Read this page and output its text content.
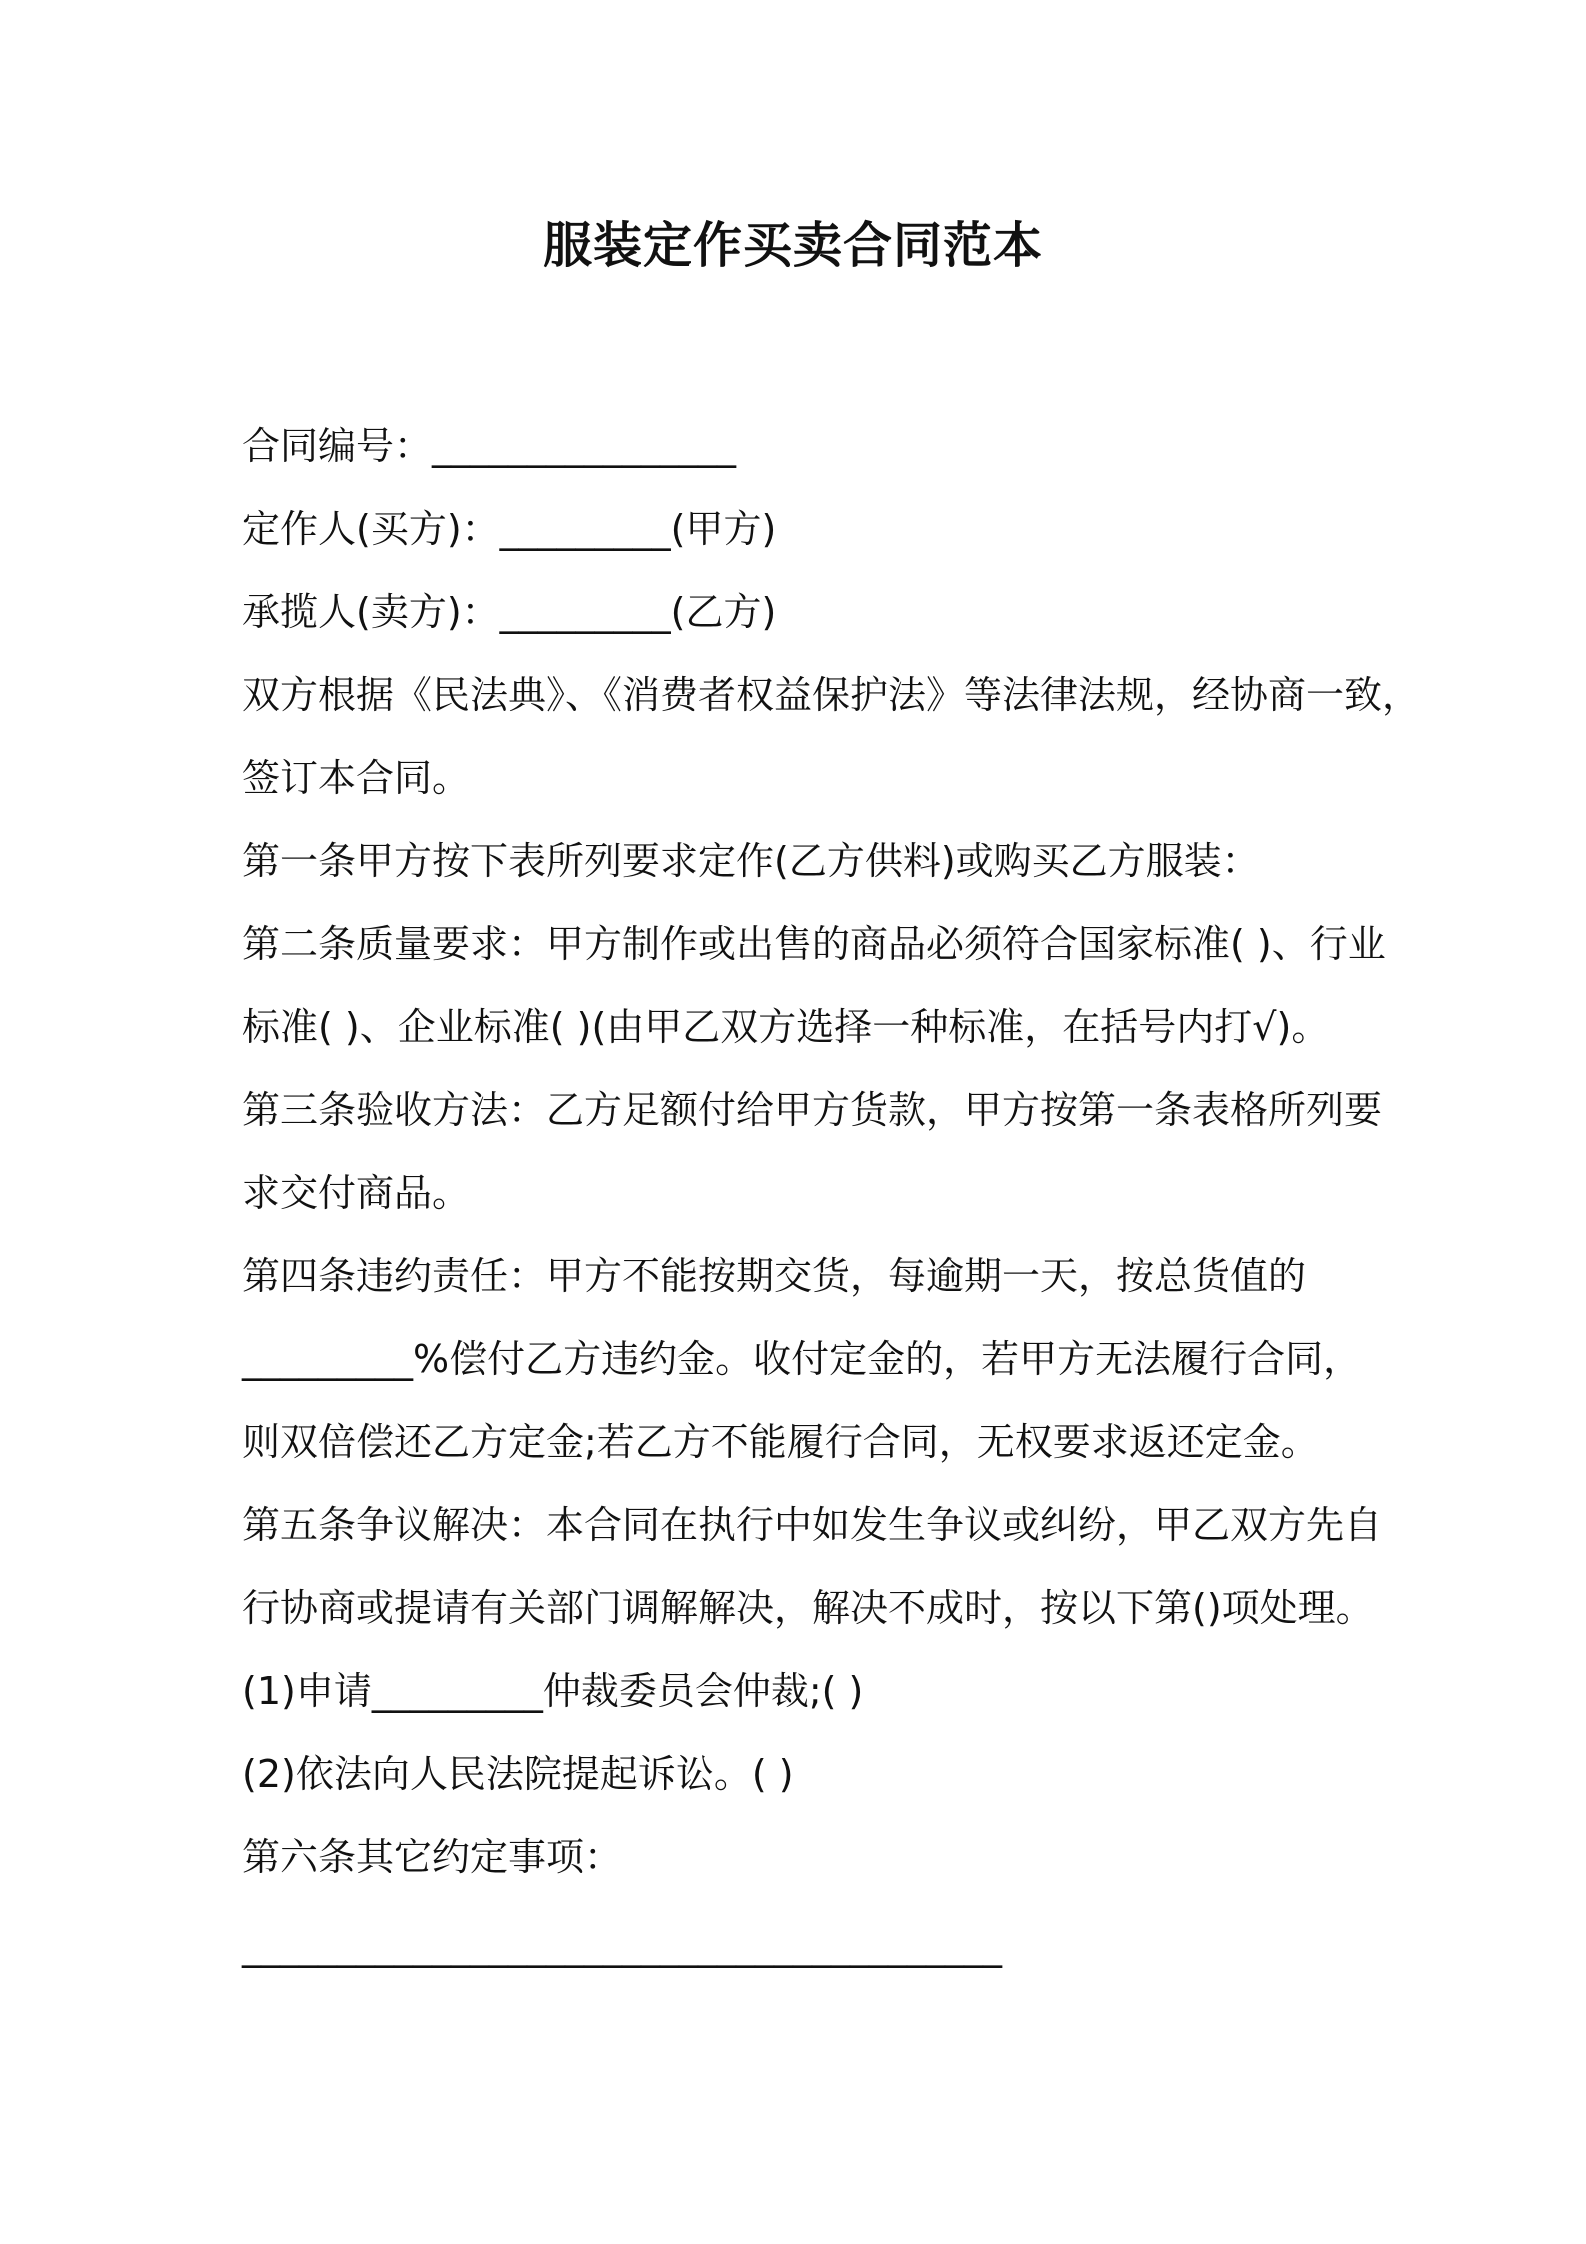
服装定作买卖合同范本
合同编号：________________
定作人(买方)：_________(甲方)
承揽人(卖方)：_________(乙方)
双方根据《民法典》、《消费者权益保护法》等法律法规，经协商一致，
签订本合同。
第一条甲方按下表所列要求定作(乙方供料)或购买乙方服装：
第二条质量要求：甲方制作或出售的商品必须符合国家标准( )、行业
标准( )、企业标准( )(由甲乙双方选择一种标准，在括号内打√)。
第三条验收方法：乙方足额付给甲方货款，甲方按第一条表格所列要
求交付商品。
第四条违约责任：甲方不能按期交货，每逾期一天，按总货值的
_________%偿付乙方违约金。收付定金的，若甲方无法履行合同，
则双倍偿还乙方定金;若乙方不能履行合同，无权要求返还定金。
第五条争议解决：本合同在执行中如发生争议或纠纷，甲乙双方先自
行协商或提请有关部门调解解决，解决不成时，按以下第()项处理。
(1)申请_________仲裁委员会仲裁;( )
(2)依法向人民法院提起诉讼。( )
第六条其它约定事项：
________________________________________
